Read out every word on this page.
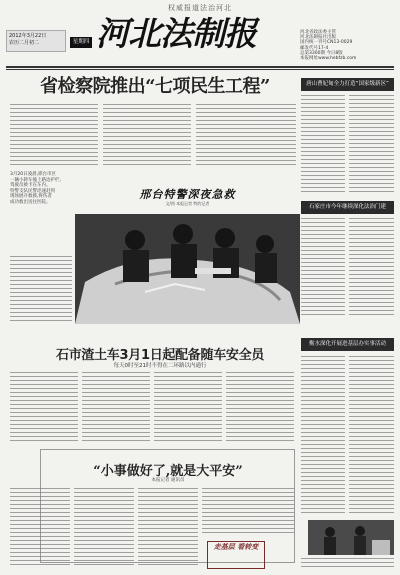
权威报道法治河北
河北法制报
2012年3月22日
农历二月初二	星期四
河北省政法委主管
河北法制报社出版
国内统一刊号CN13-0029
邮发代号17-4
总第3300期 今日8版
本报网址www.hebfzb.com
省检察院推出“七项民生工程”	唐山曹妃甸全力打造“国家级新区”
3月20日凌晨,邢台市区
一辆小轿车撞上路边护栏,
驾驶员被卡在车内。
特警支队民警迅速赶到
现场展开救援,将伤者
成功救出送往医院。
邢台特警深夜急救
文/图 本报记者 特约记者
石家庄市今年继续深化法治门建
石市渣土车3月1日起配备随车安全员
每天0时至21时不得在二环路以内通行
衡水深化开展进基层办实事活动
“小事做好了,就是大平安”
本报记者 通讯员
走基层 看转变
